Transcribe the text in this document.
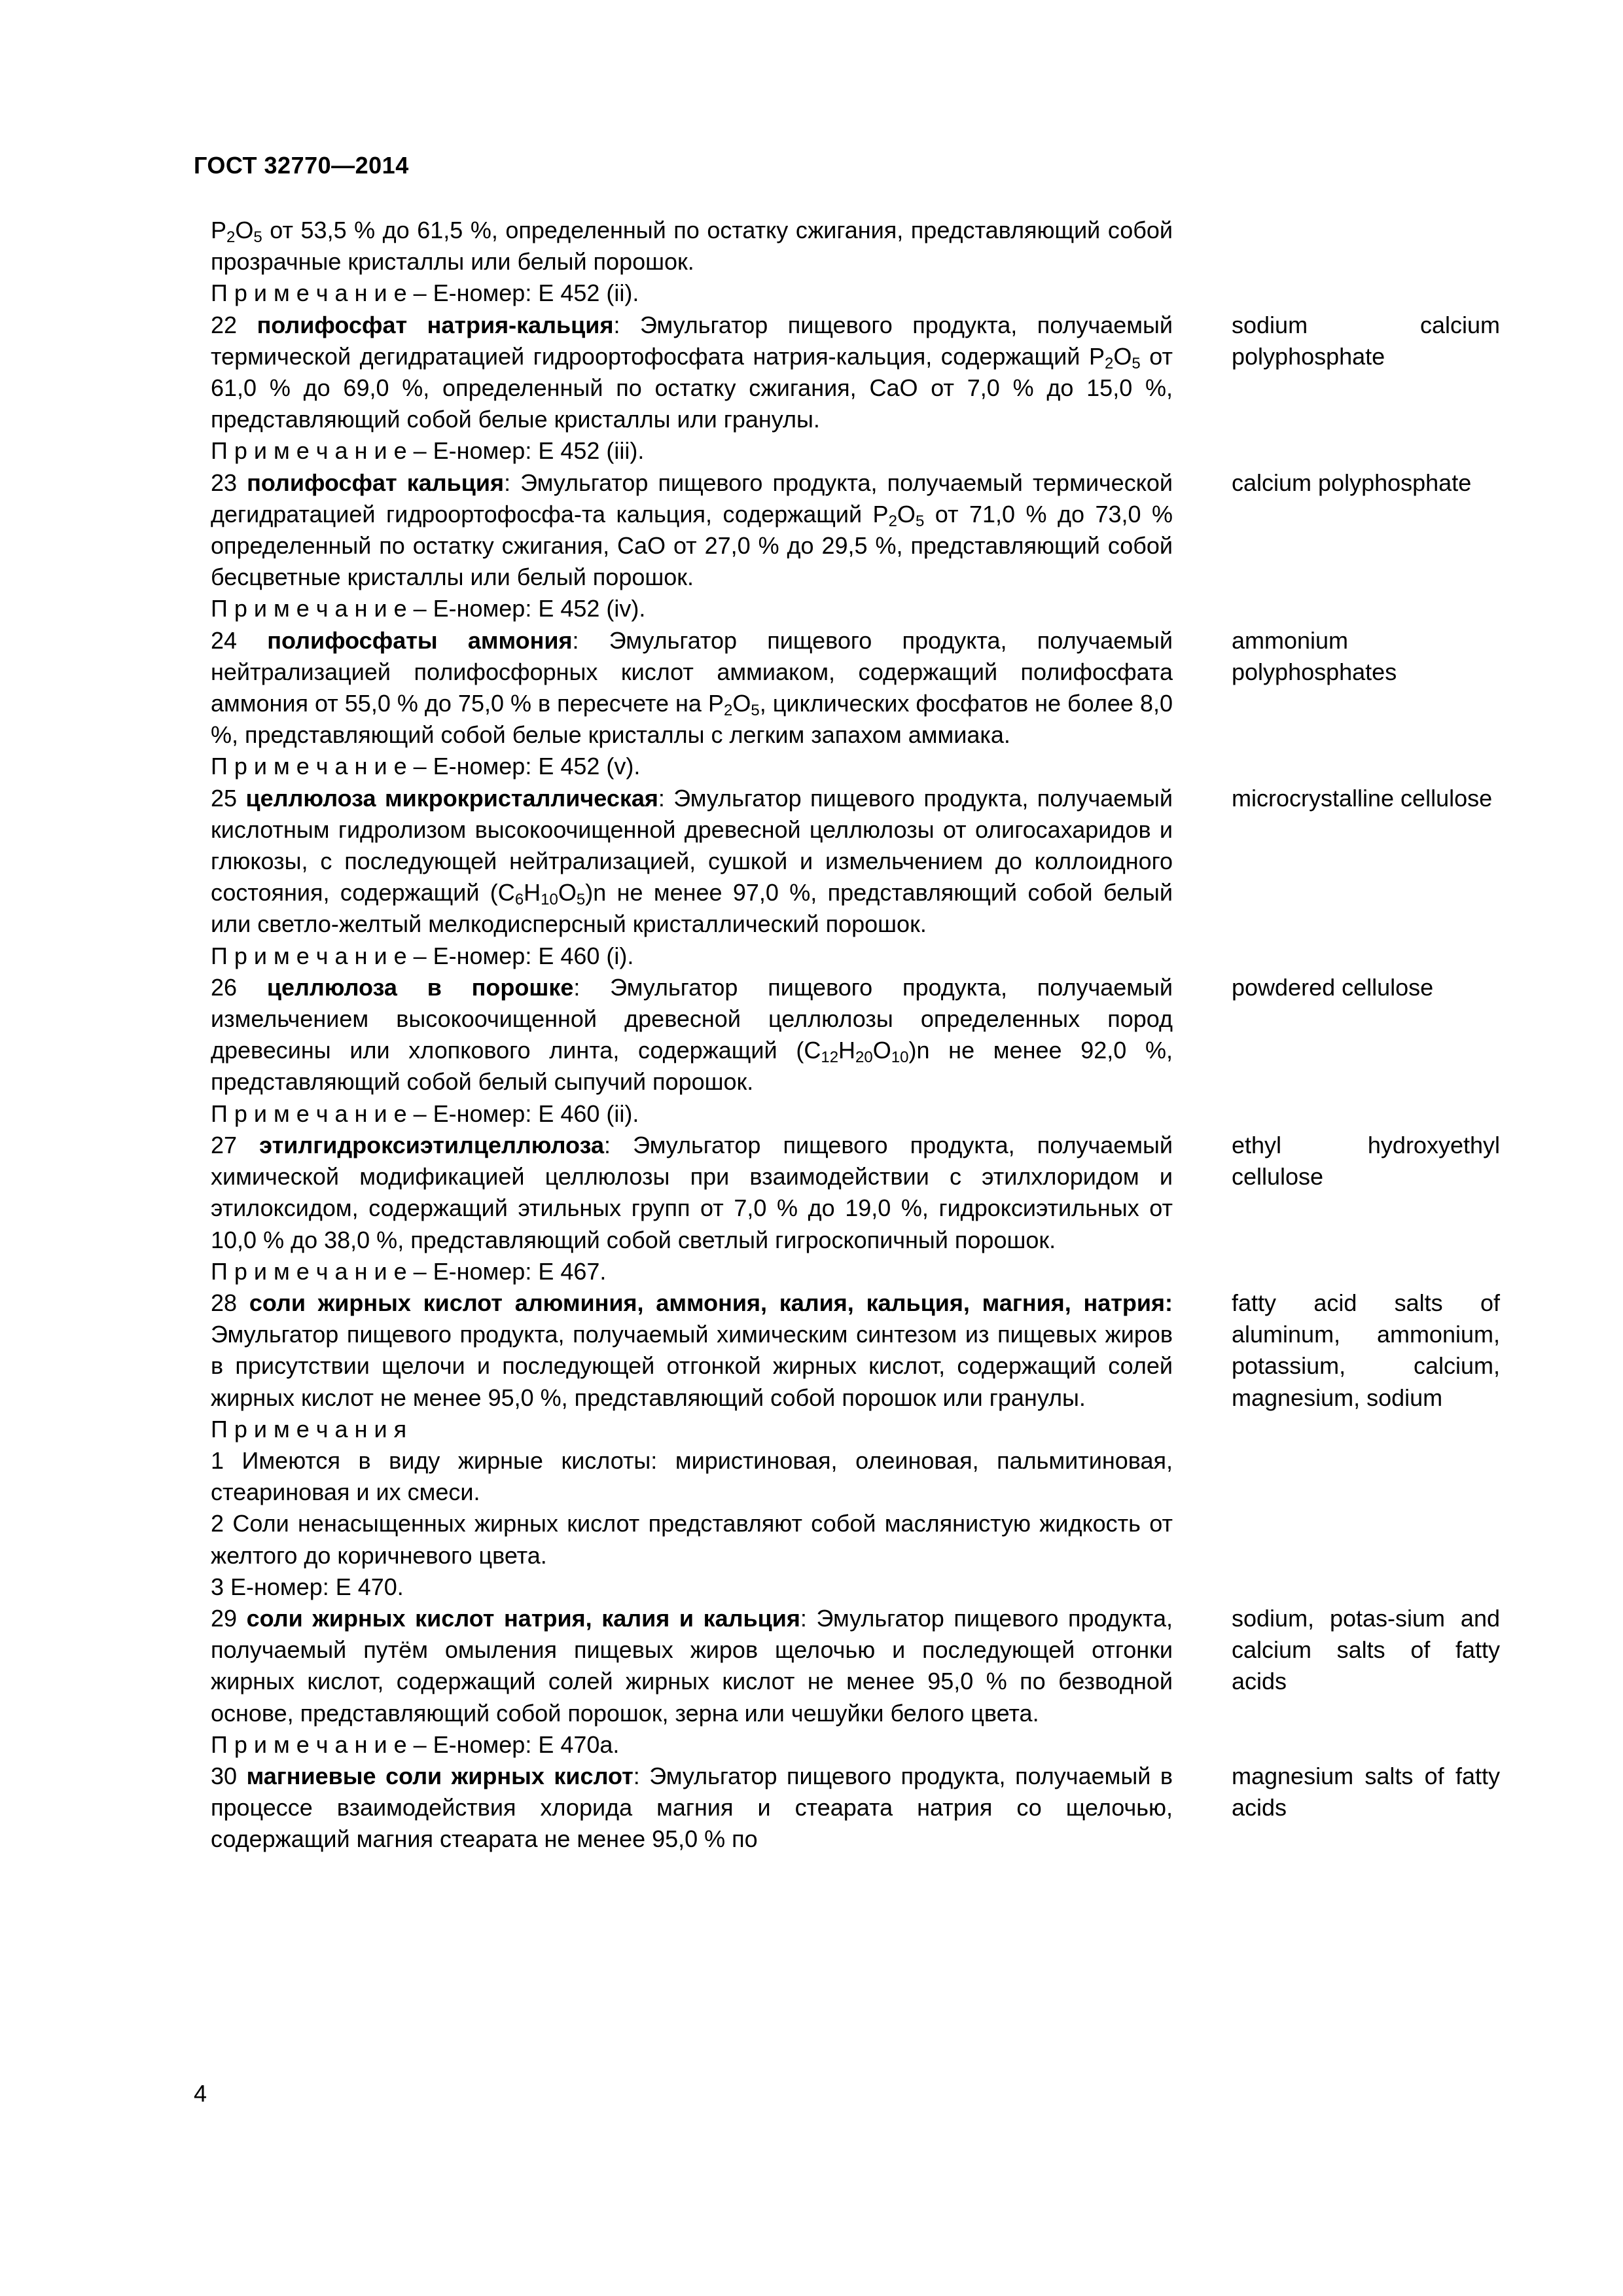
ГОСТ 32770—2014
$P_2O_5$ от 53,5 % до 61,5 %, определенный по остатку сжигания, представляющий собой прозрачные кристаллы или белый порошок.
П р и м е ч а н и е – Е-номер: Е 452 (ii).
22 полифосфат натрия-кальция: Эмульгатор пищевого продукта, получаемый термической дегидратацией гидроортофосфата натрия-кальция, содержащий $P_2O_5$ от 61,0 % до 69,0 %, определенный по остатку сжигания, CaO от 7,0 % до 15,0 %, представляющий собой белые кристаллы или гранулы.
П р и м е ч а н и е – Е-номер: Е 452 (iii).
sodium calcium polyphosphate
23 полифосфат кальция: Эмульгатор пищевого продукта, получаемый термической дегидратацией гидроортофосфа-та кальция, содержащий $P_2O_5$ от 71,0 % до 73,0 % определенный по остатку сжигания, CaO от 27,0 % до 29,5 %, представляющий собой бесцветные кристаллы или белый порошок.
П р и м е ч а н и е – Е-номер: Е 452 (iv).
calcium polyphosphate
24 полифосфаты аммония: Эмульгатор пищевого продукта, получаемый нейтрализацией полифосфорных кислот аммиаком, содержащий полифосфата аммония от 55,0 % до 75,0 % в пересчете на $P_2O_5$, циклических фосфатов не более 8,0 %, представляющий собой белые кристаллы с легким запахом аммиака.
П р и м е ч а н и е – Е-номер: Е 452 (v).
ammonium polyphosphates
25 целлюлоза микрокристаллическая: Эмульгатор пищевого продукта, получаемый кислотным гидролизом высокоочищенной древесной целлюлозы от олигосахаридов и глюкозы, с последующей нейтрализацией, сушкой и измельчением до коллоидного состояния, содержащий $(C_6H_{10}O_5)n$ не менее 97,0 %, представляющий собой белый или светло-желтый мелкодисперсный кристаллический порошок.
П р и м е ч а н и е – Е-номер: Е 460 (i).
microcrystalline cellulose
26 целлюлоза в порошке: Эмульгатор пищевого продукта, получаемый измельчением высокоочищенной древесной целлюлозы определенных пород древесины или хлопкового линта, содержащий $(C_{12}H_{20}O_{10})n$ не менее 92,0 %, представляющий собой белый сыпучий порошок.
П р и м е ч а н и е – Е-номер: Е 460 (ii).
powdered cellulose
27 этилгидроксиэтилцеллюлоза: Эмульгатор пищевого продукта, получаемый химической модификацией целлюлозы при взаимодействии с этилхлоридом и этилоксидом, содержащий этильных групп от 7,0 % до 19,0 %, гидроксиэтильных от 10,0 % до 38,0 %, представляющий собой светлый гигроскопичный порошок.
П р и м е ч а н и е – Е-номер: Е 467.
ethyl hydroxyethyl cellulose
28 соли жирных кислот алюминия, аммония, калия, кальция, магния, натрия: Эмульгатор пищевого продукта, получаемый химическим синтезом из пищевых жиров в присутствии щелочи и последующей отгонкой жирных кислот, содержащий солей жирных кислот не менее 95,0 %, представляющий собой порошок или гранулы.
П р и м е ч а н и я
1 Имеются в виду жирные кислоты: миристиновая, олеиновая, пальмитиновая, стеариновая и их смеси.
2 Соли ненасыщенных жирных кислот представляют собой маслянистую жидкость от желтого до коричневого цвета.
3 Е-номер: Е 470.
fatty acid salts of aluminum, ammonium, potassium, calcium, magnesium, sodium
29 соли жирных кислот натрия, калия и кальция: Эмульгатор пищевого продукта, получаемый путём омыления пищевых жиров щелочью и последующей отгонки жирных кислот, содержащий солей жирных кислот не менее 95,0 % по безводной основе, представляющий собой порошок, зерна или чешуйки белого цвета.
П р и м е ч а н и е – Е-номер: Е 470а.
sodium, potas-sium and calcium salts of fatty acids
30 магниевые соли жирных кислот: Эмульгатор пищевого продукта, получаемый в процессе взаимодействия хлорида магния и стеарата натрия со щелочью, содержащий магния стеарата не менее 95,0 % по
magnesium salts of fatty acids
4
